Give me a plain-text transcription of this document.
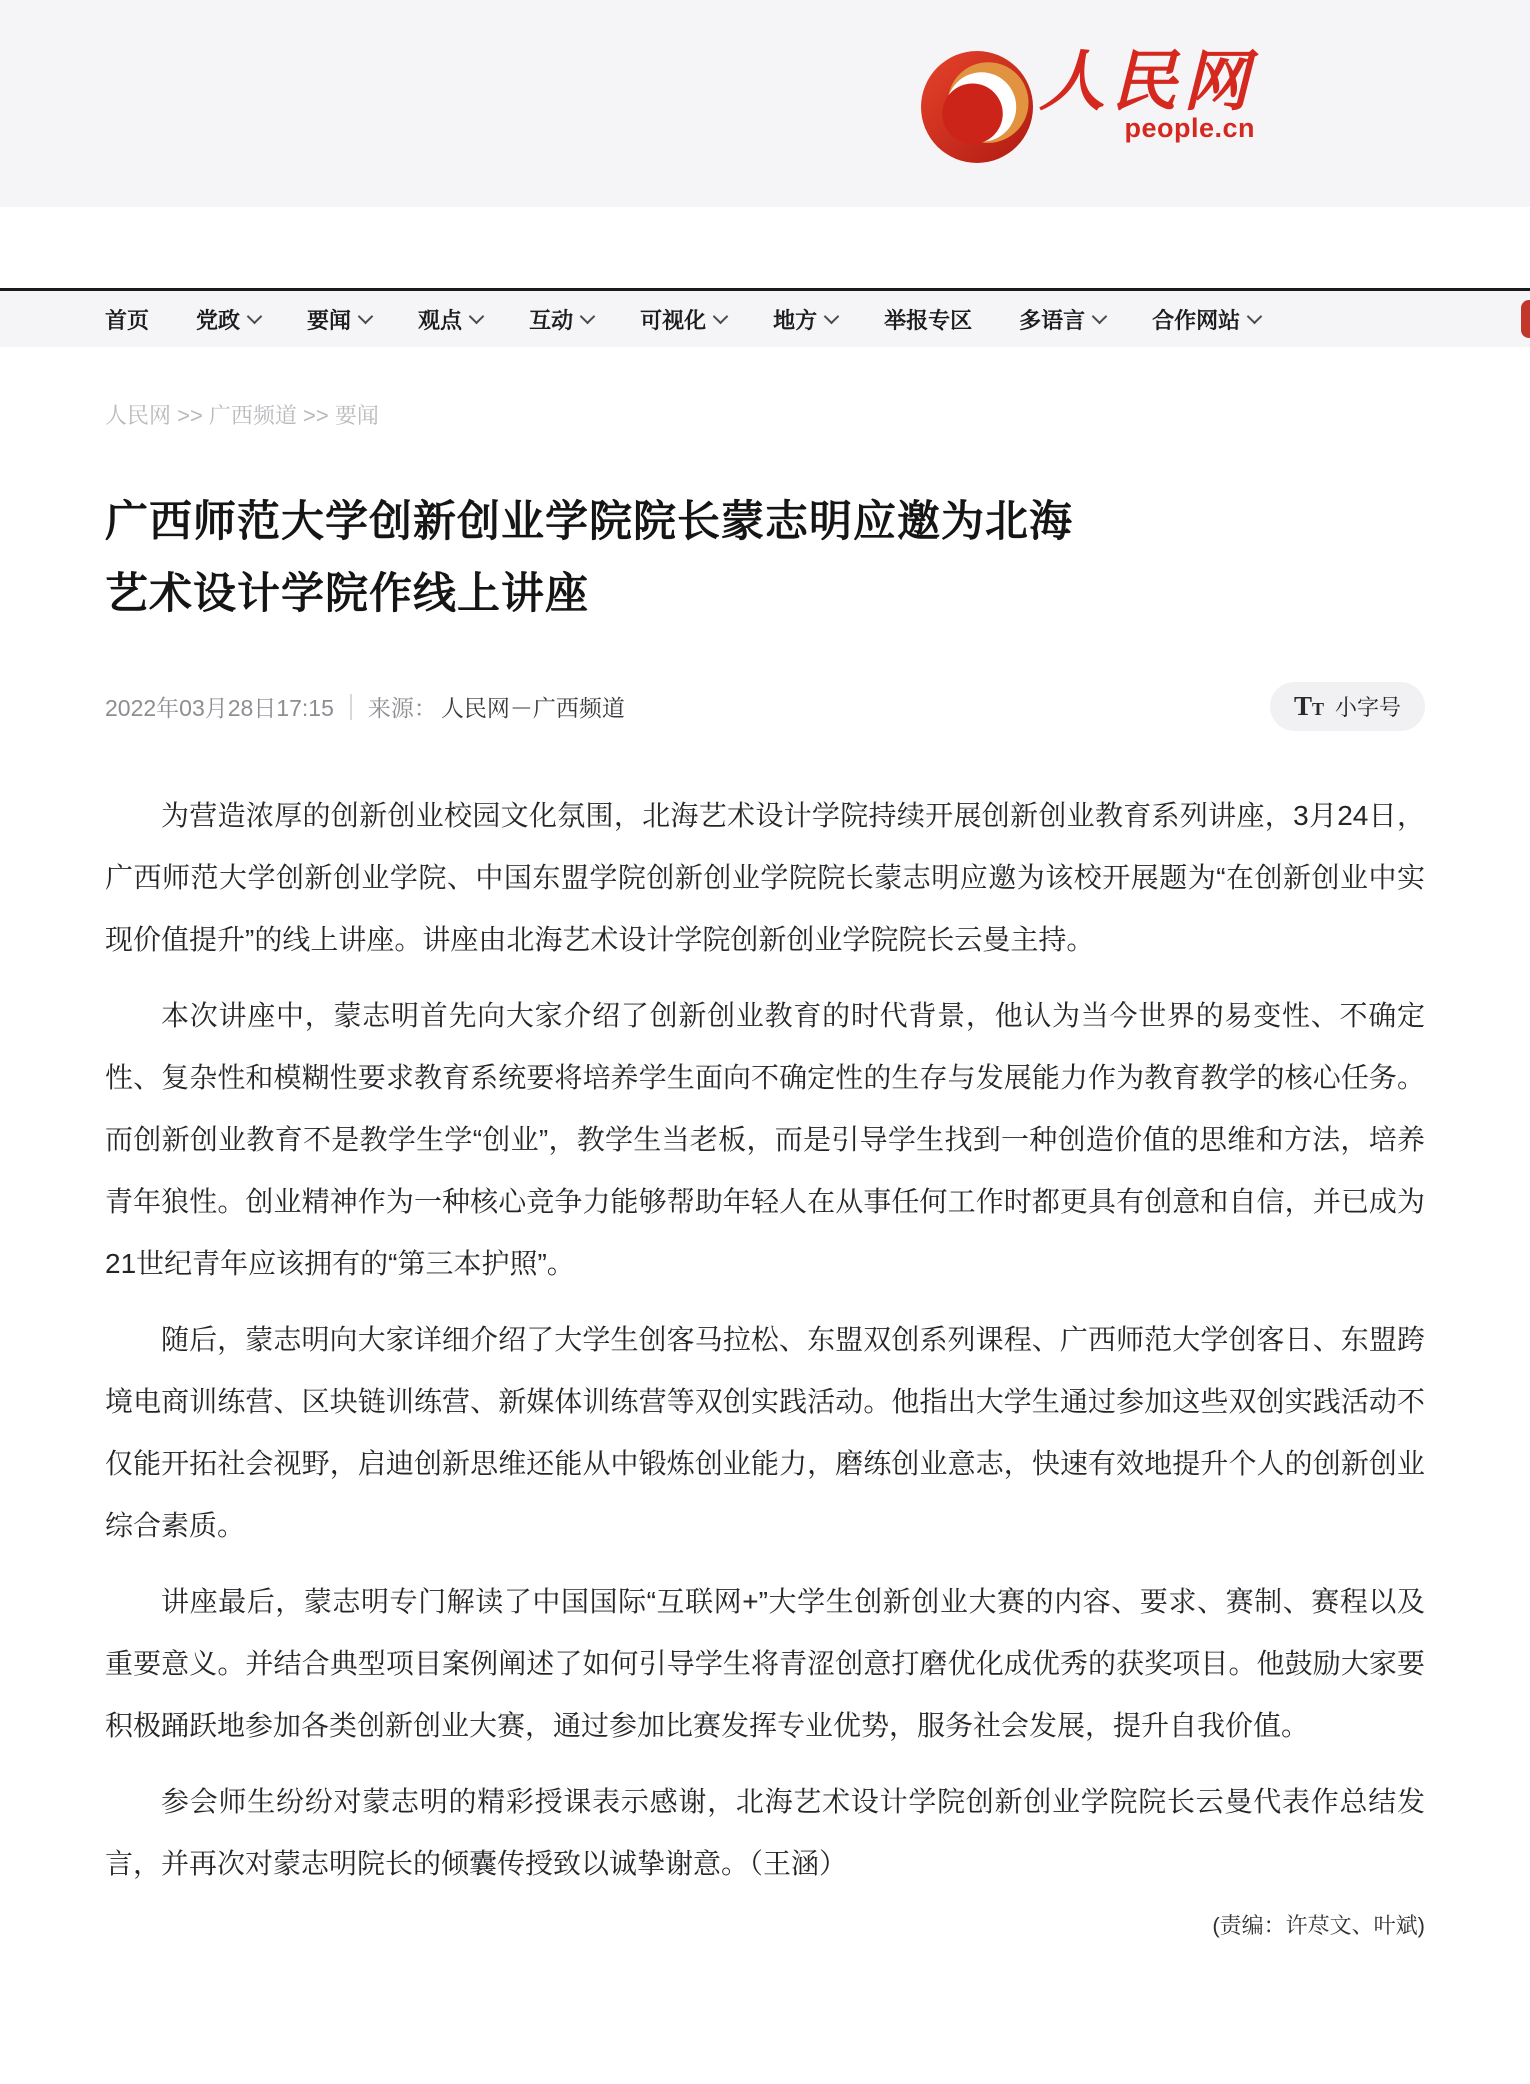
人民网
people.cn
首页 党政	要闻	观点	互动	可视化	地方	举报专区 多语言	合作网站
人民网 >> 广西频道 >> 要闻
广西师范大学创新创业学院院长蒙志明应邀为北海艺术设计学院作线上讲座
2022年03月28日17:15 来源： 人民网－广西频道	TT 小字号

为营造浓厚的创新创业校园文化氛围，北海艺术设计学院持续开展创新创业教育系列讲座，3月24日，广西师范大学创新创业学院、中国东盟学院创新创业学院院长蒙志明应邀为该校开展题为“在创新创业中实现价值提升”的线上讲座。讲座由北海艺术设计学院创新创业学院院长云曼主持。

本次讲座中，蒙志明首先向大家介绍了创新创业教育的时代背景，他认为当今世界的易变性、不确定性、复杂性和模糊性要求教育系统要将培养学生面向不确定性的生存与发展能力作为教育教学的核心任务。而创新创业教育不是教学生学“创业”，教学生当老板，而是引导学生找到一种创造价值的思维和方法，培养青年狼性。创业精神作为一种核心竞争力能够帮助年轻人在从事任何工作时都更具有创意和自信，并已成为21世纪青年应该拥有的“第三本护照”。

随后，蒙志明向大家详细介绍了大学生创客马拉松、东盟双创系列课程、广西师范大学创客日、东盟跨境电商训练营、区块链训练营、新媒体训练营等双创实践活动。他指出大学生通过参加这些双创实践活动不仅能开拓社会视野，启迪创新思维还能从中锻炼创业能力，磨练创业意志，快速有效地提升个人的创新创业综合素质。

讲座最后，蒙志明专门解读了中国国际“互联网+”大学生创新创业大赛的内容、要求、赛制、赛程以及重要意义。并结合典型项目案例阐述了如何引导学生将青涩创意打磨优化成优秀的获奖项目。他鼓励大家要积极踊跃地参加各类创新创业大赛，通过参加比赛发挥专业优势，服务社会发展，提升自我价值。

参会师生纷纷对蒙志明的精彩授课表示感谢，北海艺术设计学院创新创业学院院长云曼代表作总结发言，并再次对蒙志明院长的倾囊传授致以诚挚谢意。（王涵）

(责编：许荩文、叶斌)
